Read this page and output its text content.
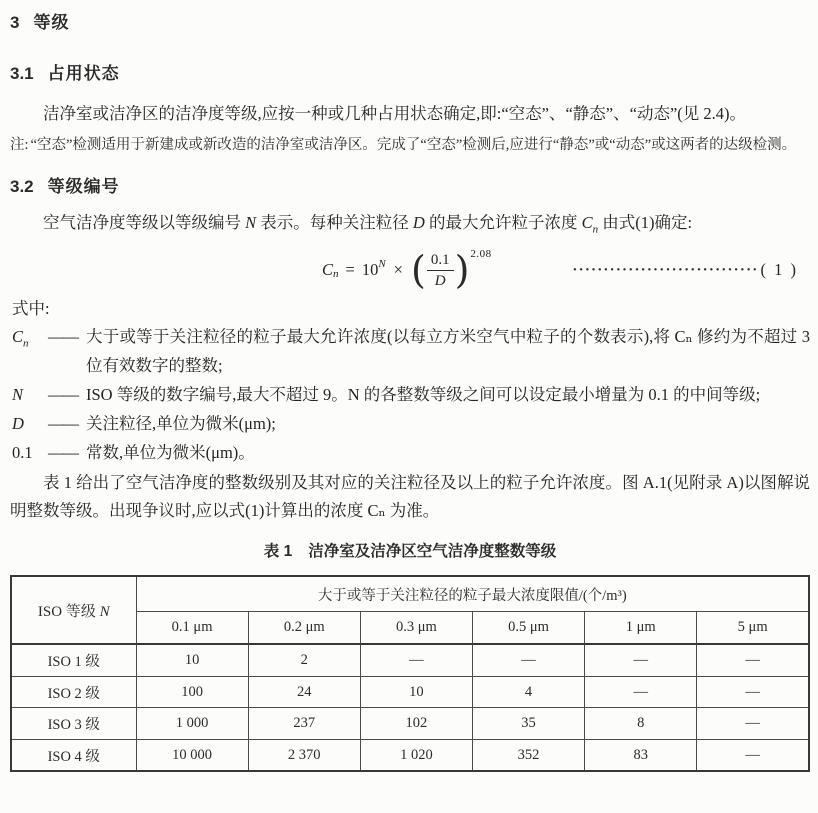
3 等级
3.1 占用状态

洁净室或洁净区的洁净度等级,应按一种或几种占用状态确定,即:“空态”、“静态”、“动态”(见 2.4)。

注: “空态”检测适用于新建成或新改造的洁净室或洁净区。完成了“空态”检测后,应进行“静态”或“动态”或这两者的达级检测。
3.2 等级编号

空气洁净度等级以等级编号 N 表示。每种关注粒径 D 的最大允许粒子浓度 $C_n$ 由式(1)确定:

C n = 10 N × ( $\frac{0.1}{D}$ ) 2.08
······························ ( 1 )

式中:

$C_n$ —— 大于或等于关注粒径的粒子最大允许浓度(以每立方米空气中粒子的个数表示),将 Cₙ 修约为不超过 3 位有效数字的整数;
N —— ISO 等级的数字编号,最大不超过 9。N 的各整数等级之间可以设定最小增量为 0.1 的中间等级;
D —— 关注粒径,单位为微米(μm);
0.1 —— 常数,单位为微米(μm)。

表 1 给出了空气洁净度的整数级别及其对应的关注粒径及以上的粒子允许浓度。图 A.1(见附录 A)以图解说明整数等级。出现争议时,应以式(1)计算出的浓度 Cₙ 为准。

表 1 洁净室及洁净区空气洁净度整数等级
ISO 等级 N	大于或等于关注粒径的粒子最大浓度限值/(个/m³)					
	0.1 μm	0.2 μm	0.3 μm	0.5 μm	1 μm	5 μm
ISO 1 级	10	2	—	—	—	—
ISO 2 级	100	24	10	4	—	—
ISO 3 级	1 000	237	102	35	8	—
ISO 4 级	10 000	2 370	1 020	352	83	—
